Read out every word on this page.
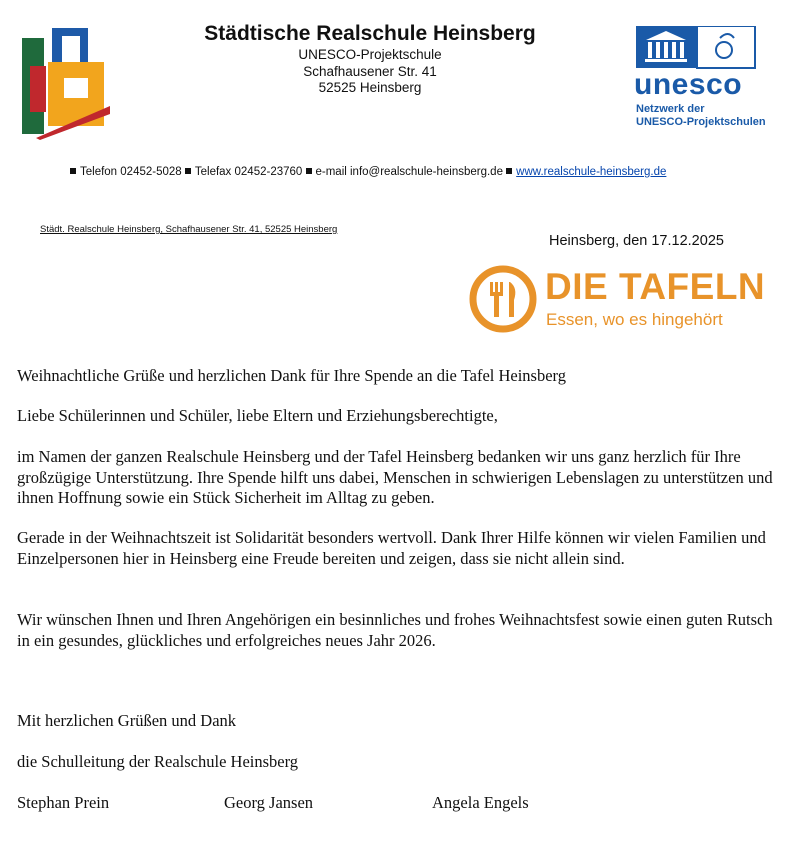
Städtische Realschule Heinsberg
UNESCO-Projektschule
Schafhausener Str. 41
52525 Heinsberg	unesco
Netzwerk der
UNESCO-Projektschulen
Telefon 02452-5028 Telefax 02452-23760 e-mail info@realschule-heinsberg.de www.realschule-heinsberg.de
Städt. Realschule Heinsberg, Schafhausener Str. 41, 52525 Heinsberg
Heinsberg, den 17.12.2025
DIE TAFELN
Essen, wo es hingehört
Weihnachtliche Grüße und herzlichen Dank für Ihre Spende an die Tafel Heinsberg
Liebe Schülerinnen und Schüler, liebe Eltern und Erziehungsberechtigte,
im Namen der ganzen Realschule Heinsberg und der Tafel Heinsberg bedanken wir uns ganz herzlich für Ihre großzügige Unterstützung. Ihre Spende hilft uns dabei, Menschen in schwierigen Lebenslagen zu unterstützen und ihnen Hoffnung sowie ein Stück Sicherheit im Alltag zu geben.
Gerade in der Weihnachtszeit ist Solidarität besonders wertvoll. Dank Ihrer Hilfe können wir vielen Familien und Einzelpersonen hier in Heinsberg eine Freude bereiten und zeigen, dass sie nicht allein sind.
Wir wünschen Ihnen und Ihren Angehörigen ein besinnliches und frohes Weihnachtsfest sowie einen guten Rutsch in ein gesundes, glückliches und erfolgreiches neues Jahr 2026.
Mit herzlichen Grüßen und Dank
die Schulleitung der Realschule Heinsberg
Stephan Prein	Georg Jansen	Angela Engels
